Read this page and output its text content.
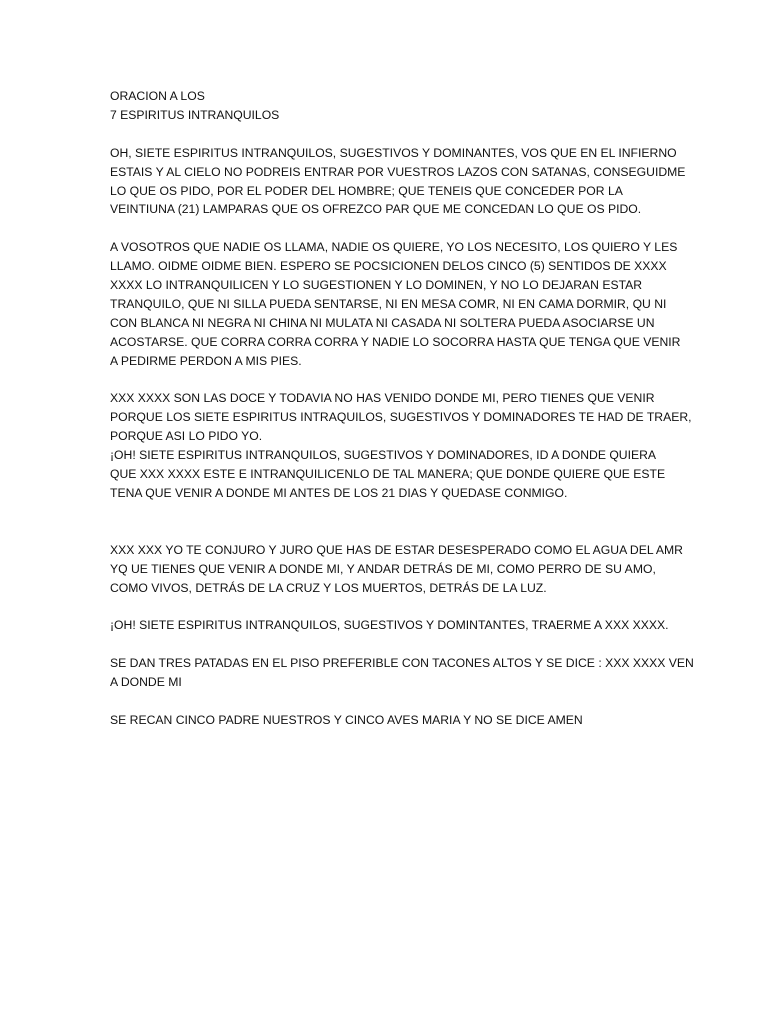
ORACION A LOS
7 ESPIRITUS INTRANQUILOS

OH, SIETE ESPIRITUS INTRANQUILOS, SUGESTIVOS Y DOMINANTES, VOS QUE EN EL INFIERNO
ESTAIS Y AL CIELO NO PODREIS ENTRAR POR VUESTROS LAZOS CON SATANAS, CONSEGUIDME
LO QUE OS PIDO, POR EL PODER DEL HOMBRE; QUE TENEIS QUE CONCEDER POR LA
VEINTIUNA (21) LAMPARAS QUE OS OFREZCO PAR QUE ME CONCEDAN LO QUE OS PIDO.

A VOSOTROS QUE NADIE OS LLAMA, NADIE OS QUIERE, YO LOS NECESITO, LOS QUIERO Y LES
LLAMO. OIDME OIDME BIEN. ESPERO SE POCSICIONEN DELOS CINCO (5) SENTIDOS DE XXXX
XXXX LO INTRANQUILICEN Y LO SUGESTIONEN Y LO DOMINEN, Y NO LO DEJARAN ESTAR
TRANQUILO, QUE NI SILLA PUEDA SENTARSE, NI EN MESA COMR, NI EN CAMA DORMIR, QU NI
CON BLANCA NI NEGRA NI CHINA NI MULATA NI CASADA NI SOLTERA PUEDA ASOCIARSE UN
ACOSTARSE. QUE CORRA CORRA CORRA Y NADIE LO SOCORRA HASTA QUE TENGA QUE VENIR
A PEDIRME PERDON A MIS PIES.

XXX XXXX SON LAS DOCE Y TODAVIA NO HAS VENIDO DONDE MI, PERO TIENES QUE VENIR
PORQUE LOS SIETE ESPIRITUS INTRAQUILOS, SUGESTIVOS Y DOMINADORES TE HAD DE TRAER,
PORQUE ASI LO PIDO YO.
¡OH! SIETE ESPIRITUS INTRANQUILOS, SUGESTIVOS Y DOMINADORES, ID A DONDE QUIERA
QUE XXX XXXX ESTE E INTRANQUILICENLO DE TAL MANERA; QUE DONDE QUIERE QUE ESTE
TENA QUE VENIR A DONDE MI ANTES DE LOS 21 DIAS Y QUEDASE CONMIGO.

XXX XXX YO TE CONJURO Y JURO QUE HAS DE ESTAR DESESPERADO COMO EL AGUA DEL AMR
YQ UE TIENES QUE VENIR A DONDE MI, Y ANDAR DETRÁS DE MI, COMO PERRO DE SU AMO,
COMO VIVOS, DETRÁS DE LA CRUZ Y LOS MUERTOS, DETRÁS DE LA LUZ.

¡OH! SIETE ESPIRITUS INTRANQUILOS, SUGESTIVOS Y DOMINTANTES, TRAERME A XXX XXXX.

SE DAN TRES PATADAS EN EL PISO PREFERIBLE CON TACONES ALTOS Y SE DICE : XXX XXXX VEN
A DONDE MI

SE RECAN CINCO PADRE NUESTROS Y CINCO AVES MARIA Y NO SE DICE AMEN
